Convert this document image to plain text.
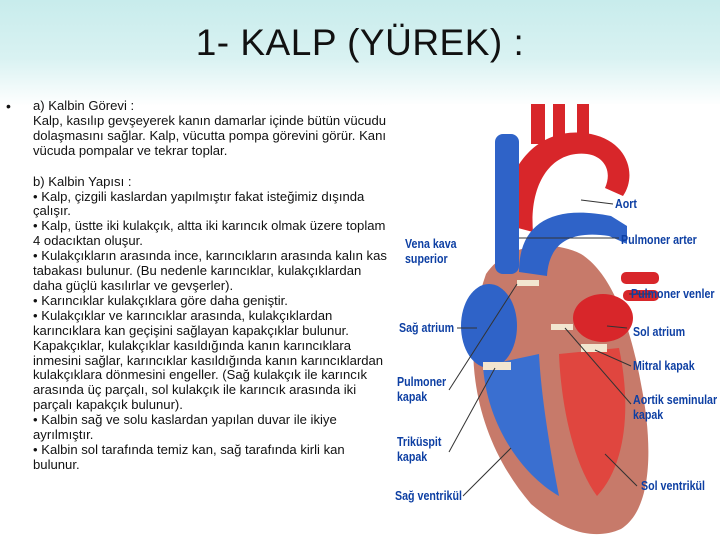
1- KALP (YÜREK) :
• a) Kalbin Görevi :

Kalp, kasılıp gevşeyerek kanın damarlar içinde bütün vücudu dolaşmasını sağlar. Kalp, vücutta pompa görevini görür. Kanı vücuda pompalar ve tekrar toplar.

b) Kalbin Yapısı :

• Kalp, çizgili kaslardan yapılmıştır fakat isteğimiz dışında çalışır.

• Kalp, üstte iki kulakçık, altta iki karıncık olmak üzere toplam 4 odacıktan oluşur.

• Kulakçıkların arasında ince, karıncıkların arasında kalın kas tabakası bulunur. (Bu nedenle karıncıklar, kulakçıklardan daha güçlü kasılırlar ve gevşerler).

• Karıncıklar kulakçıklara göre daha geniştir.

• Kulakçıklar ve karıncıklar arasında, kulakçıklardan karıncıklara kan geçişini sağlayan kapakçıklar bulunur. Kapakçıklar, kulakçıklar kasıldığında kanın karıncıklara inmesini sağlar, karıncıklar kasıldığında kanın karıncıklardan kulakçıklara dönmesini engeller. (Sağ kulakçık ile karıncık arasında üç parçalı, sol kulakçık ile karıncık arasında iki parçalı kapakçık bulunur).

• Kalbin sağ ve solu kaslardan yapılan duvar ile ikiye ayrılmıştır.

• Kalbin sol tarafında temiz kan, sağ tarafında kirli kan bulunur.

Aort
Vena kava
superior
Pulmoner arter
Pulmoner venler
Sağ atrium	Sol atrium
Mitral kapak
Pulmoner
kapak	Aortik seminular
kapak
Triküspit
kapak
Sağ ventrikül
Sol ventrikül
